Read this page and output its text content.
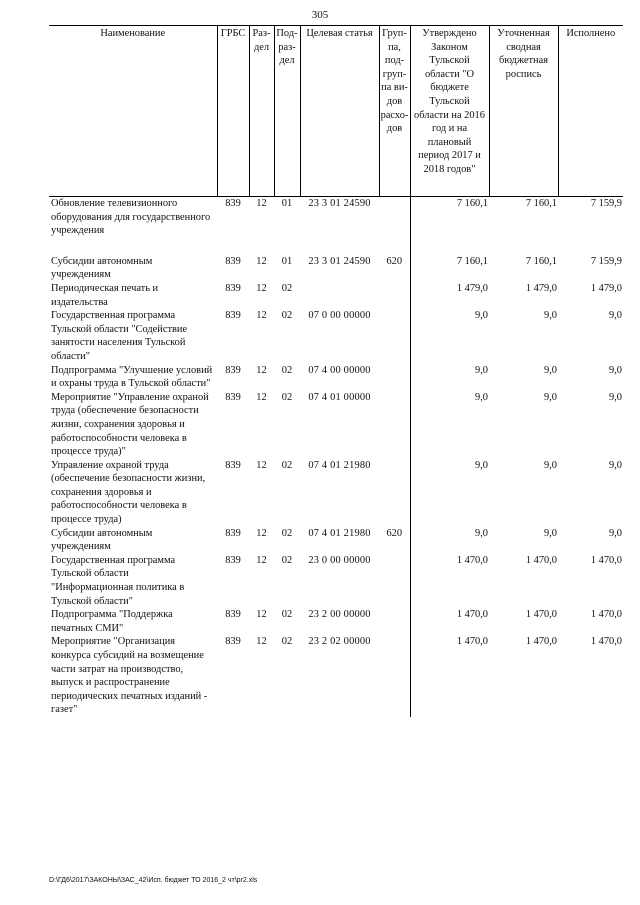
305
Наименование	ГРБС	Раз- дел	Под- раз- дел	Целевая статья	Груп- па, под- груп- па ви- дов расхо- дов	Утверждено Законом Тульской области "О бюджете Тульской области на 2016 год и на плановый период 2017 и 2018 годов"	Уточненная сводная бюджетная роспись	Исполнено
Обновление телевизионного оборудования для государственного учреждения	839	12	01	23 3 01 24590		7 160,1	7 160,1	7 159,9
Субсидии автономным учреждениям	839	12	01	23 3 01 24590	620	7 160,1	7 160,1	7 159,9
Периодическая печать и издательства	839	12	02			1 479,0	1 479,0	1 479,0
Государственная программа Тульской области "Содействие занятости населения Тульской области"	839	12	02	07 0 00 00000		9,0	9,0	9,0
Подпрограмма "Улучшение условий и охраны труда в Тульской области"	839	12	02	07 4 00 00000		9,0	9,0	9,0
Мероприятие "Управление охраной труда (обеспечение безопасности жизни, сохранения здоровья и работоспособности человека в процессе труда)"	839	12	02	07 4 01 00000		9,0	9,0	9,0
Управление охраной труда (обеспечение безопасности жизни, сохранения здоровья и работоспособности человека в процессе труда)	839	12	02	07 4 01 21980		9,0	9,0	9,0
Субсидии автономным учреждениям	839	12	02	07 4 01 21980	620	9,0	9,0	9,0
Государственная программа Тульской области "Информационная политика в Тульской области"	839	12	02	23 0 00 00000		1 470,0	1 470,0	1 470,0
Подпрограмма "Поддержка печатных СМИ"	839	12	02	23 2 00 00000		1 470,0	1 470,0	1 470,0
Мероприятие "Организация конкурса субсидий на возмещение части затрат на производство, выпуск и распространение периодических печатных изданий - газет"	839	12	02	23 2 02 00000		1 470,0	1 470,0	1 470,0
D:\ГД6\2017\ЗАКОНЫ\ЗАС_42\Исп. бюджет ТО 2016_2 чт\pr2.xls
